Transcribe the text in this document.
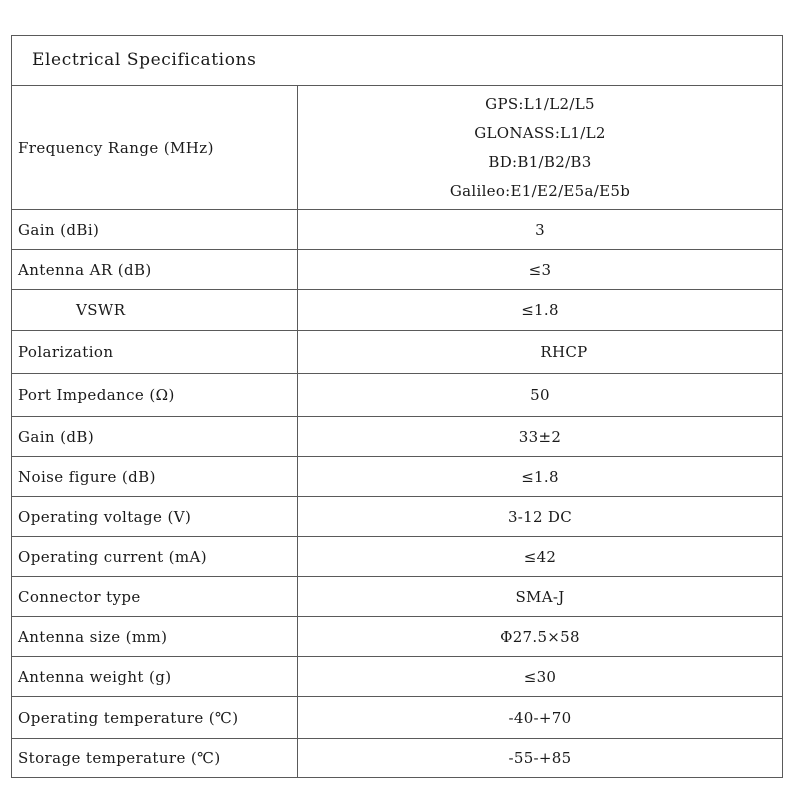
Electrical Specifications	
Frequency Range (MHz)	GPS:L1/L2/L5
GLONASS:L1/L2
BD:B1/B2/B3
Galileo:E1/E2/E5a/E5b

Gain (dBi)	3
Antenna AR (dB)	≤3
VSWR	≤1.8
Polarization	RHCP
Port Impedance (Ω)	50
Gain (dB)	33±2
Noise figure (dB)	≤1.8
Operating voltage (V)	3-12 DC
Operating current (mA)	≤42
Connector type	SMA-J
Antenna size (mm)	Φ27.5×58
Antenna weight (g)	≤30
Operating temperature (℃)	-40-+70
Storage temperature (℃)	-55-+85
